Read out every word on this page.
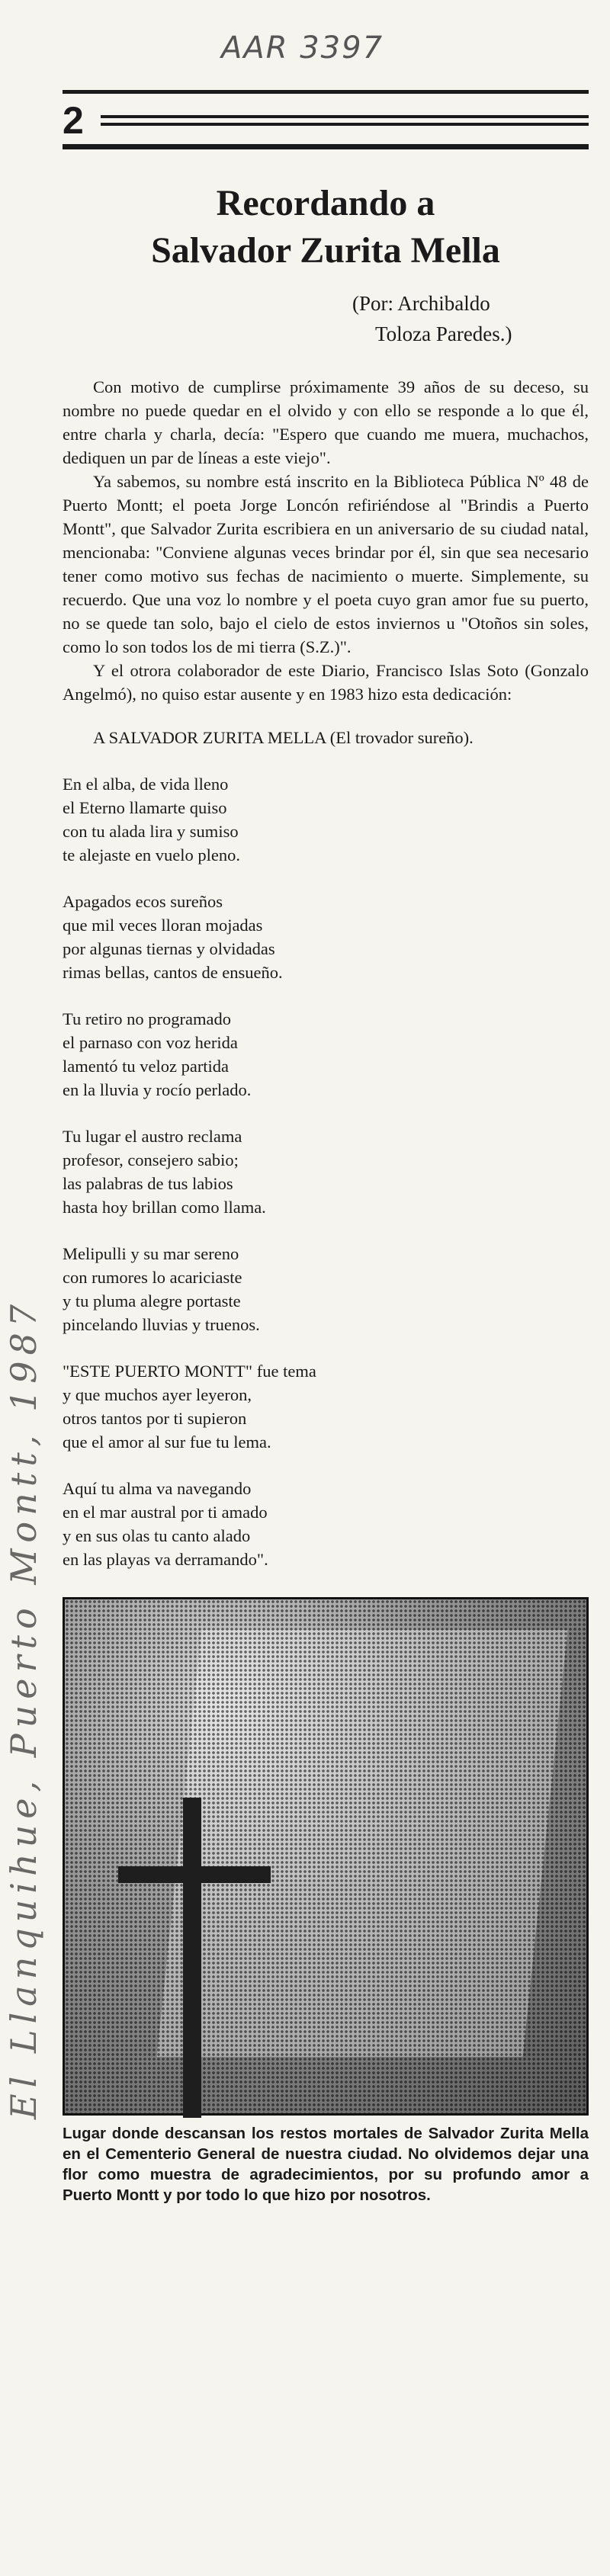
AAR 3397
El Llanquihue, Puerto Montt, 1987
2
Recordando a
Salvador Zurita Mella
(Por: Archibaldo
Toloza Paredes.)

Con motivo de cumplirse próximamente 39 años de su deceso, su nombre no puede quedar en el olvido y con ello se responde a lo que él, entre charla y charla, decía: "Espero que cuando me muera, muchachos, dediquen un par de líneas a este viejo".

Ya sabemos, su nombre está inscrito en la Biblioteca Pública Nº 48 de Puerto Montt; el poeta Jorge Loncón refiriéndose al "Brindis a Puerto Montt", que Salvador Zurita escribiera en un aniversario de su ciudad natal, mencionaba: "Conviene algunas veces brindar por él, sin que sea necesario tener como motivo sus fechas de nacimiento o muerte. Simplemente, su recuerdo. Que una voz lo nombre y el poeta cuyo gran amor fue su puerto, no se quede tan solo, bajo el cielo de estos inviernos u "Otoños sin soles, como lo son todos los de mi tierra (S.Z.)".

Y el otrora colaborador de este Diario, Francisco Islas Soto (Gonzalo Angelmó), no quiso estar ausente y en 1983 hizo esta dedicación:

A SALVADOR ZURITA MELLA (El trovador sureño).
En el alba, de vida lleno
el Eterno llamarte quiso
con tu alada lira y sumiso
te alejaste en vuelo pleno.
Apagados ecos sureños
que mil veces lloran mojadas
por algunas tiernas y olvidadas
rimas bellas, cantos de ensueño.
Tu retiro no programado
el parnaso con voz herida
lamentó tu veloz partida
en la lluvia y rocío perlado.
Tu lugar el austro reclama
profesor, consejero sabio;
las palabras de tus labios
hasta hoy brillan como llama.
Melipulli y su mar sereno
con rumores lo acariciaste
y tu pluma alegre portaste
pincelando lluvias y truenos.
"ESTE PUERTO MONTT" fue tema
y que muchos ayer leyeron,
otros tantos por ti supieron
que el amor al sur fue tu lema.
Aquí tu alma va navegando
en el mar austral por ti amado
y en sus olas tu canto alado
en las playas va derramando".
Lugar donde descansan los restos mortales de Salvador Zurita Mella en el Cementerio General de nuestra ciudad. No olvidemos dejar una flor como muestra de agradecimientos, por su profundo amor a Puerto Montt y por todo lo que hizo por nosotros.
